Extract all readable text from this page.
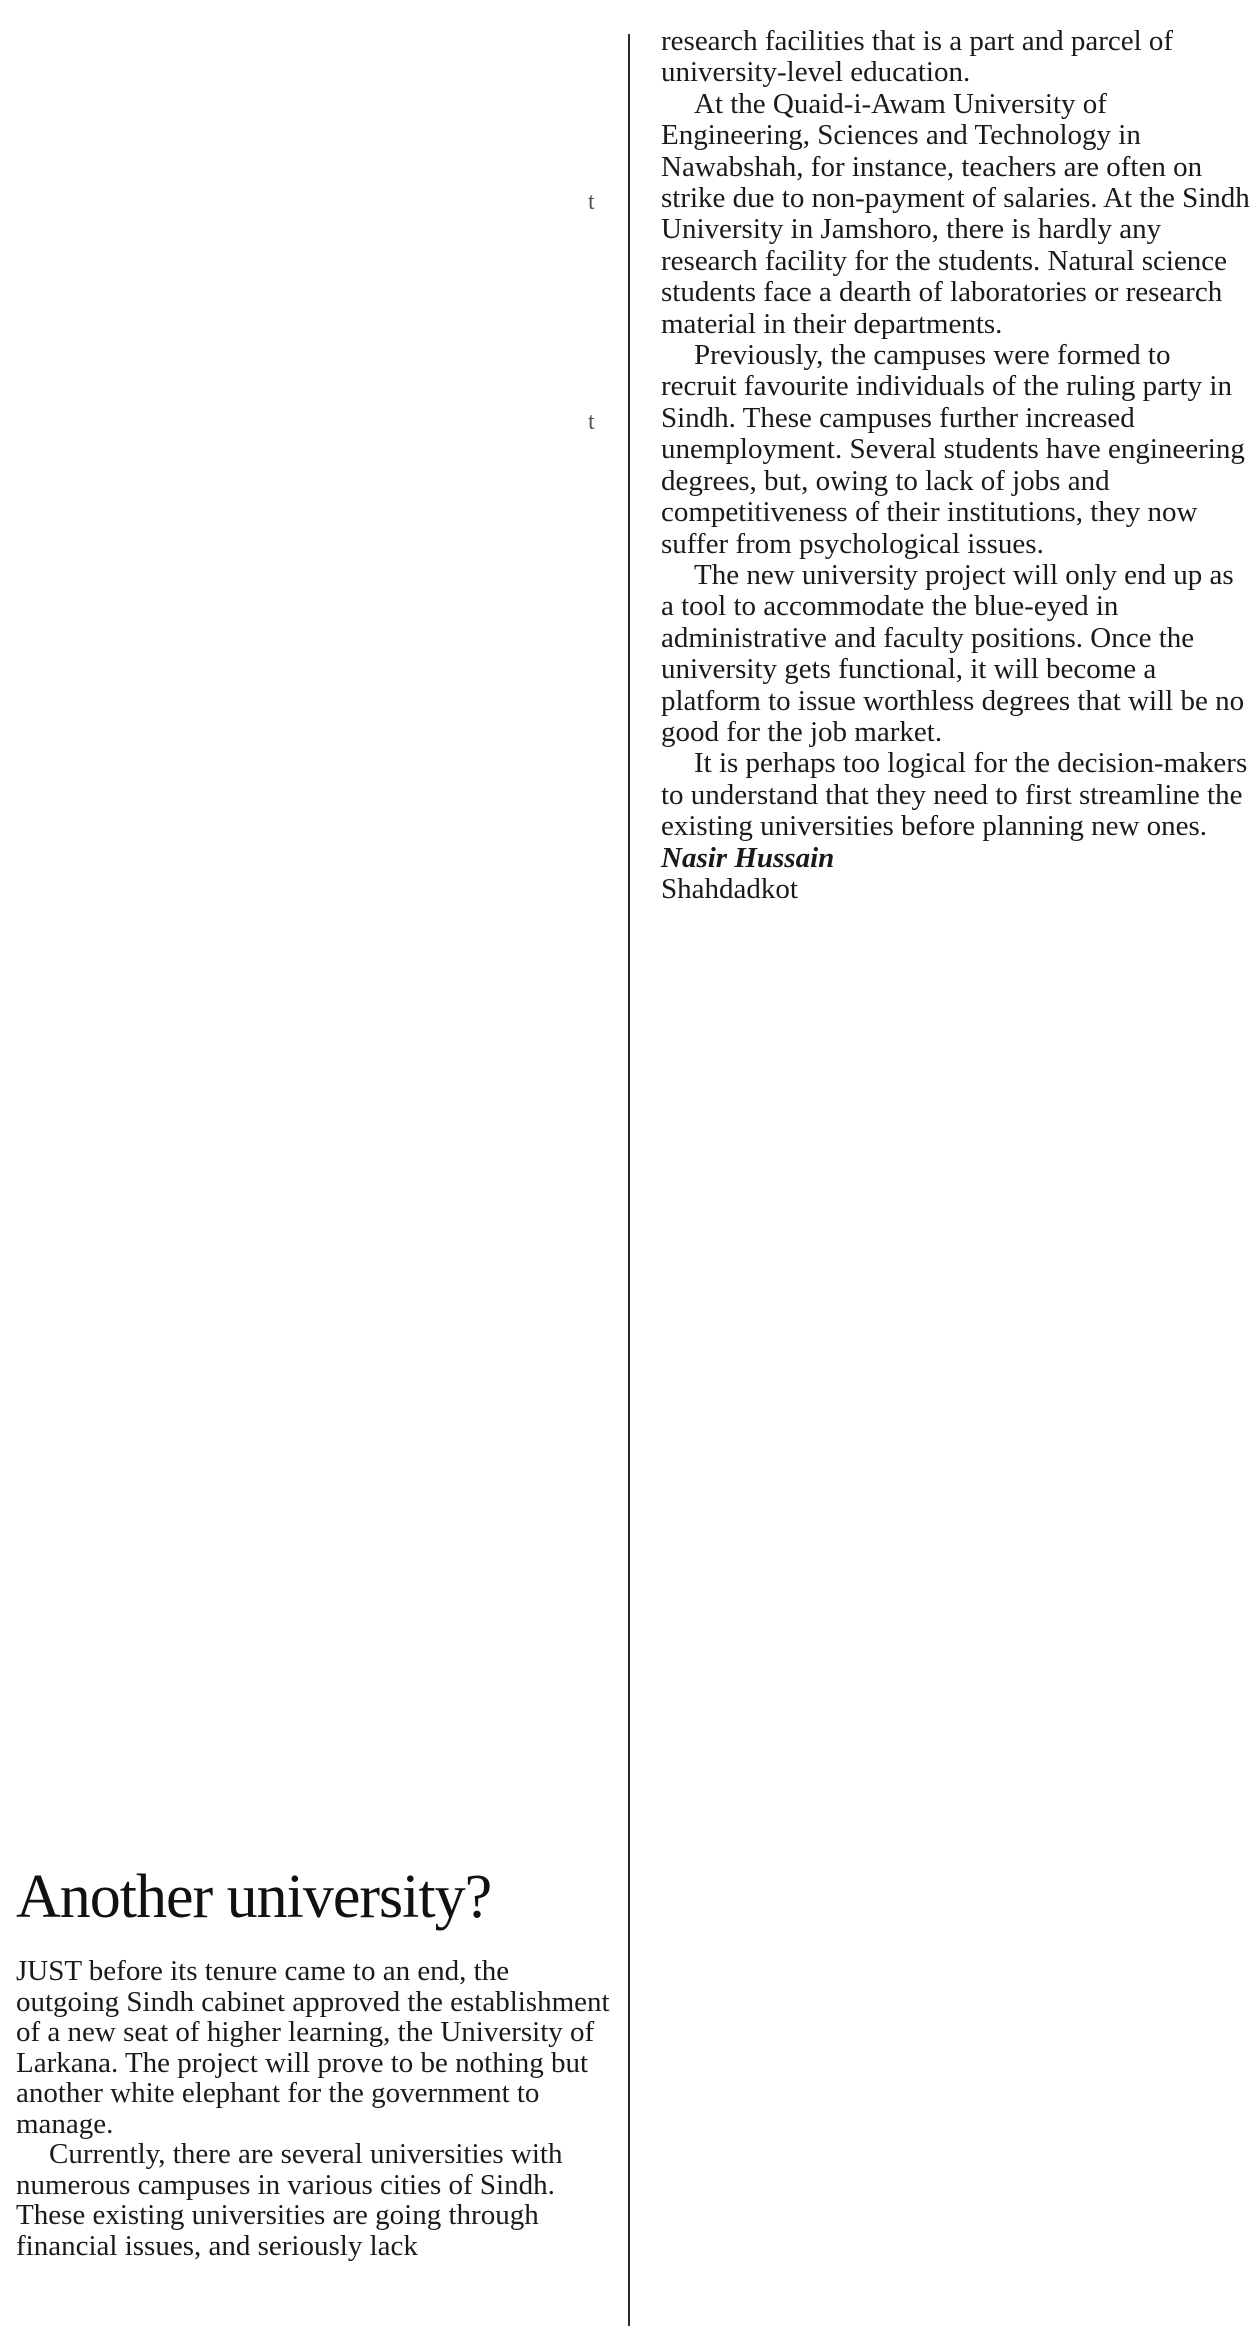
t
t

research facilities that is a part and parcel of university-level education.

At the Quaid-i-Awam University of Engineering, Sciences and Technology in Nawabshah, for instance, teachers are often on strike due to non-payment of salaries. At the Sindh University in Jamshoro, there is hardly any research facility for the students. Natural science students face a dearth of laboratories or research material in their departments.

Previously, the campuses were formed to recruit favourite individuals of the ruling party in Sindh. These campuses further increased unemployment. Several students have engineering degrees, but, owing to lack of jobs and competitiveness of their institutions, they now suffer from psychological issues.

The new university project will only end up as a tool to accommodate the blue-eyed in administrative and faculty positions. Once the university gets functional, it will become a platform to issue worthless degrees that will be no good for the job market.

It is perhaps too logical for the decision-makers to understand that they need to first streamline the existing universities before planning new ones.

Nasir Hussain

Shahdadkot

Another university?

JUST before its tenure came to an end, the outgoing Sindh cabinet approved the establishment of a new seat of higher learning, the University of Larkana. The project will prove to be nothing but another white elephant for the government to manage.

Currently, there are several universities with numerous campuses in various cities of Sindh. These existing universities are going through financial issues, and seriously lack
